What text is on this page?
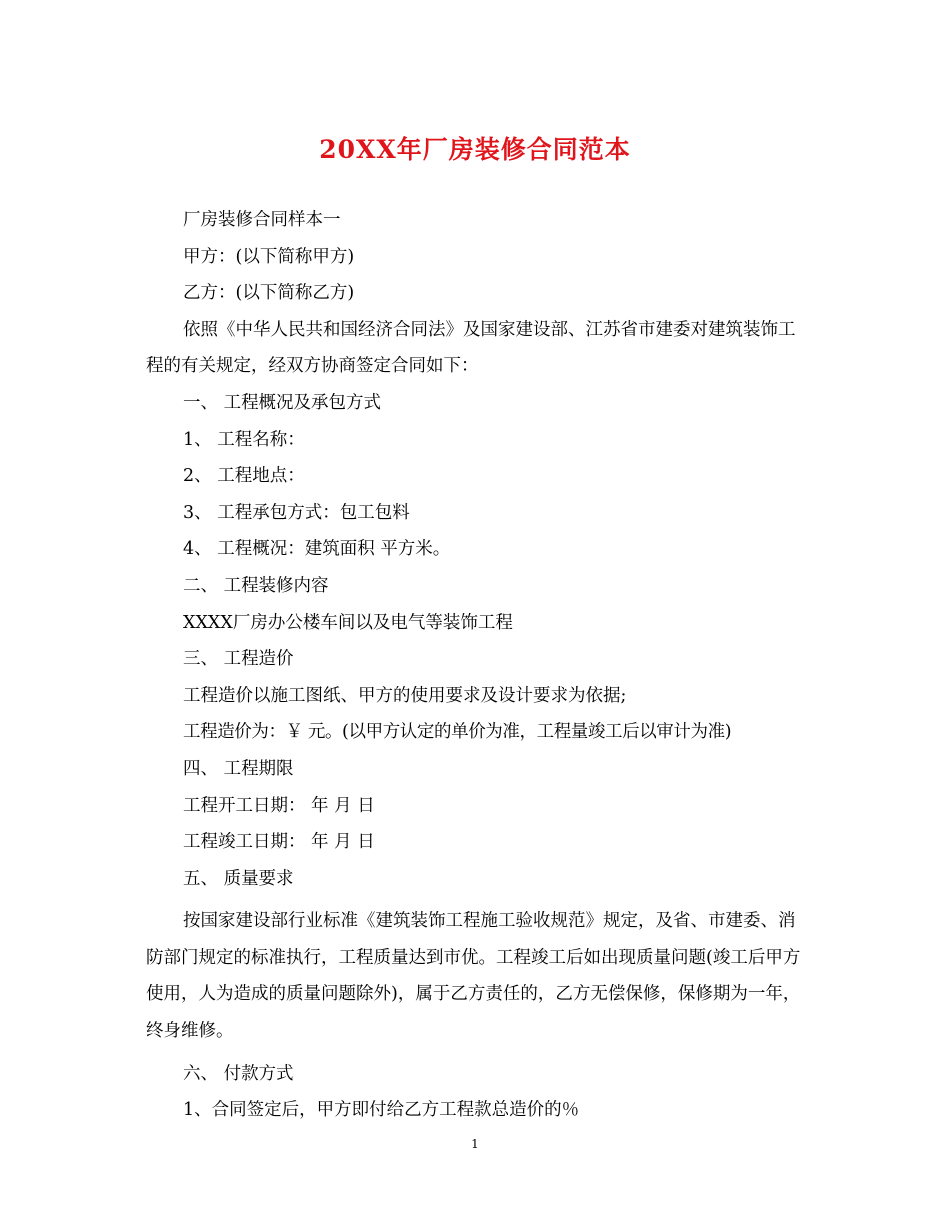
20XX年厂房装修合同范本

厂房装修合同样本一

甲方：(以下简称甲方)

乙方：(以下简称乙方)

依照《中华人民共和国经济合同法》及国家建设部、江苏省市建委对建筑装饰工程的有关规定，经双方协商签定合同如下：

一、 工程概况及承包方式

1、 工程名称：

2、 工程地点：

3、 工程承包方式：包工包料

4、 工程概况：建筑面积 平方米。

二、 工程装修内容

XXXX厂房办公楼车间以及电气等装饰工程

三、 工程造价

工程造价以施工图纸、甲方的使用要求及设计要求为依据;

工程造价为：￥ 元。(以甲方认定的单价为准，工程量竣工后以审计为准)

四、 工程期限

工程开工日期： 年 月 日

工程竣工日期： 年 月 日

五、 质量要求

按国家建设部行业标准《建筑装饰工程施工验收规范》规定，及省、市建委、消防部门规定的标准执行，工程质量达到市优。工程竣工后如出现质量问题(竣工后甲方使用，人为造成的质量问题除外)，属于乙方责任的，乙方无偿保修，保修期为一年，终身维修。

六、 付款方式

1、合同签定后，甲方即付给乙方工程款总造价的％

1
